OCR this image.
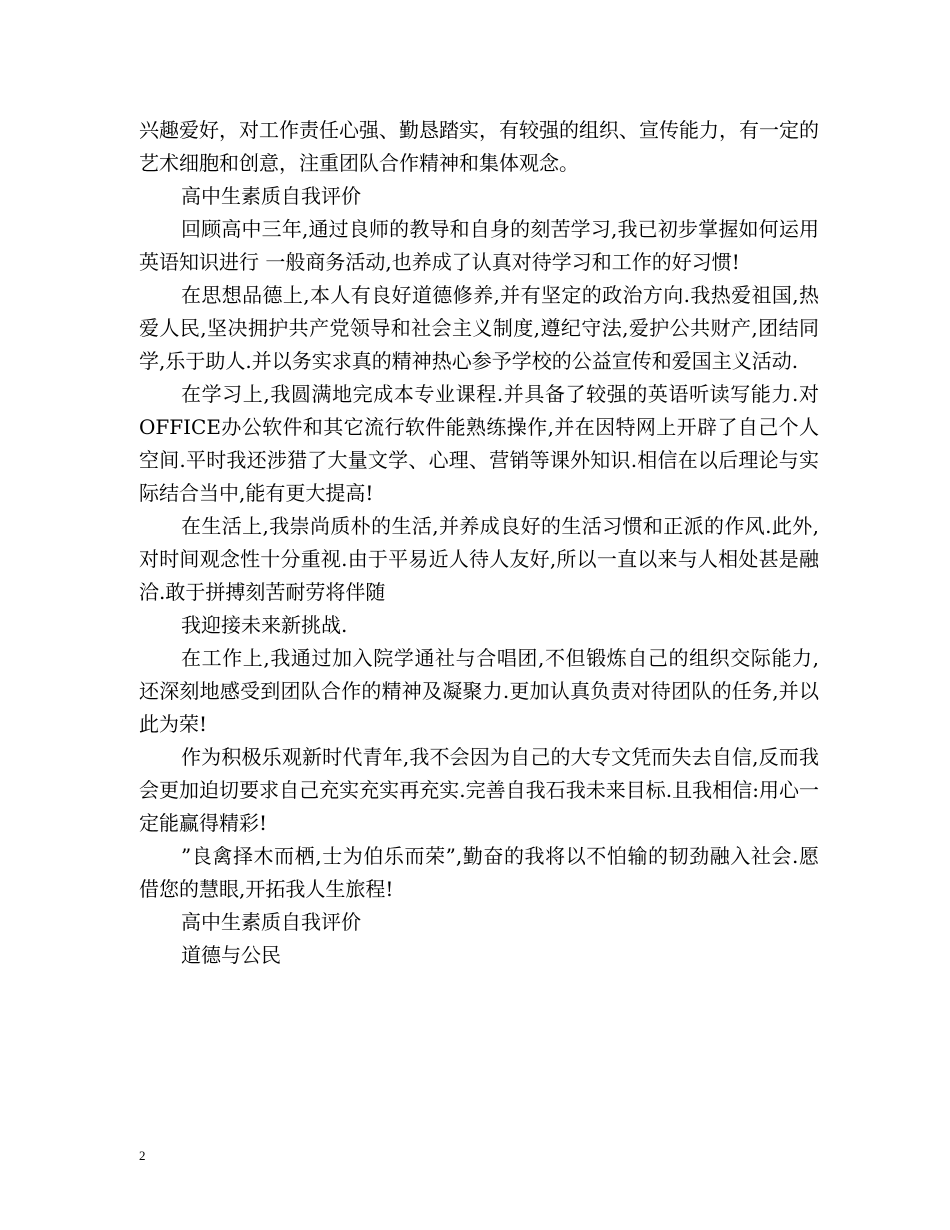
兴趣爱好，对工作责任心强、勤恳踏实，有较强的组织、宣传能力，有一定的艺术细胞和创意，注重团队合作精神和集体观念。

高中生素质自我评价

回顾高中三年,通过良师的教导和自身的刻苦学习,我已初步掌握如何运用英语知识进行 一般商务活动,也养成了认真对待学习和工作的好习惯!

在思想品德上,本人有良好道德修养,并有坚定的政治方向.我热爱祖国,热爱人民,坚决拥护共产党领导和社会主义制度,遵纪守法,爱护公共财产,团结同学,乐于助人.并以务实求真的精神热心参予学校的公益宣传和爱国主义活动.

在学习上,我圆满地完成本专业课程.并具备了较强的英语听读写能力.对OFFICE办公软件和其它流行软件能熟练操作,并在因特网上开辟了自己个人空间.平时我还涉猎了大量文学、心理、营销等课外知识.相信在以后理论与实际结合当中,能有更大提高!

在生活上,我崇尚质朴的生活,并养成良好的生活习惯和正派的作风.此外,对时间观念性十分重视.由于平易近人待人友好,所以一直以来与人相处甚是融洽.敢于拼搏刻苦耐劳将伴随

我迎接未来新挑战.

在工作上,我通过加入院学通社与合唱团,不但锻炼自己的组织交际能力,还深刻地感受到团队合作的精神及凝聚力.更加认真负责对待团队的任务,并以此为荣!

作为积极乐观新时代青年,我不会因为自己的大专文凭而失去自信,反而我会更加迫切要求自己充实充实再充实.完善自我石我未来目标.且我相信:用心一定能赢得精彩!

”良禽择木而栖,士为伯乐而荣”,勤奋的我将以不怕输的韧劲融入社会.愿借您的慧眼,开拓我人生旅程!

高中生素质自我评价

道德与公民

2
